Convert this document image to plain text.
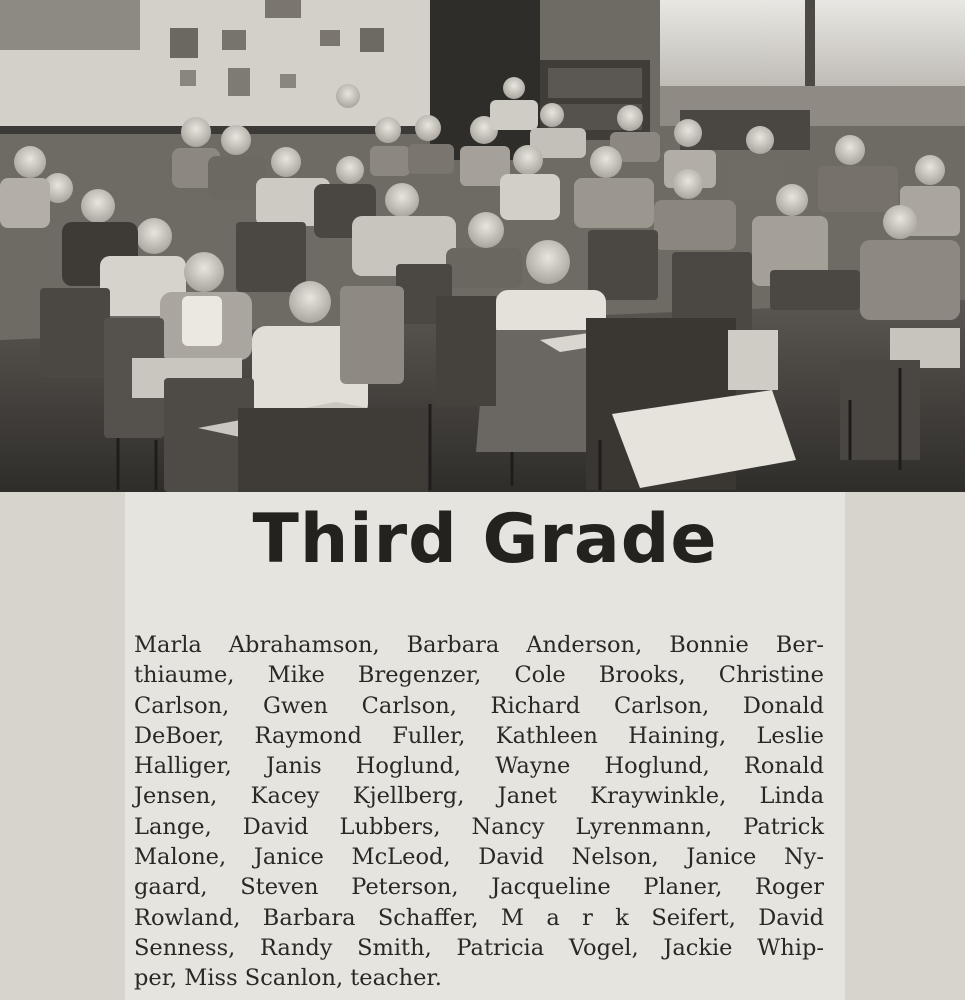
Third Grade
Marla Abrahamson, Barbara Anderson, Bonnie Ber-
thiaume, Mike Bregenzer, Cole Brooks, Christine
Carlson, Gwen Carlson, Richard Carlson, Donald
DeBoer, Raymond Fuller, Kathleen Haining, Leslie
Halliger, Janis Hoglund, Wayne Hoglund, Ronald
Jensen, Kacey Kjellberg, Janet Kraywinkle, Linda
Lange, David Lubbers, Nancy Lyrenmann, Patrick
Malone, Janice McLeod, David Nelson, Janice Ny-
gaard, Steven Peterson, Jacqueline Planer, Roger
Rowland, Barbara Schaffer, M a r k Seifert, David
Senness, Randy Smith, Patricia Vogel, Jackie Whip-
per, Miss Scanlon, teacher.
